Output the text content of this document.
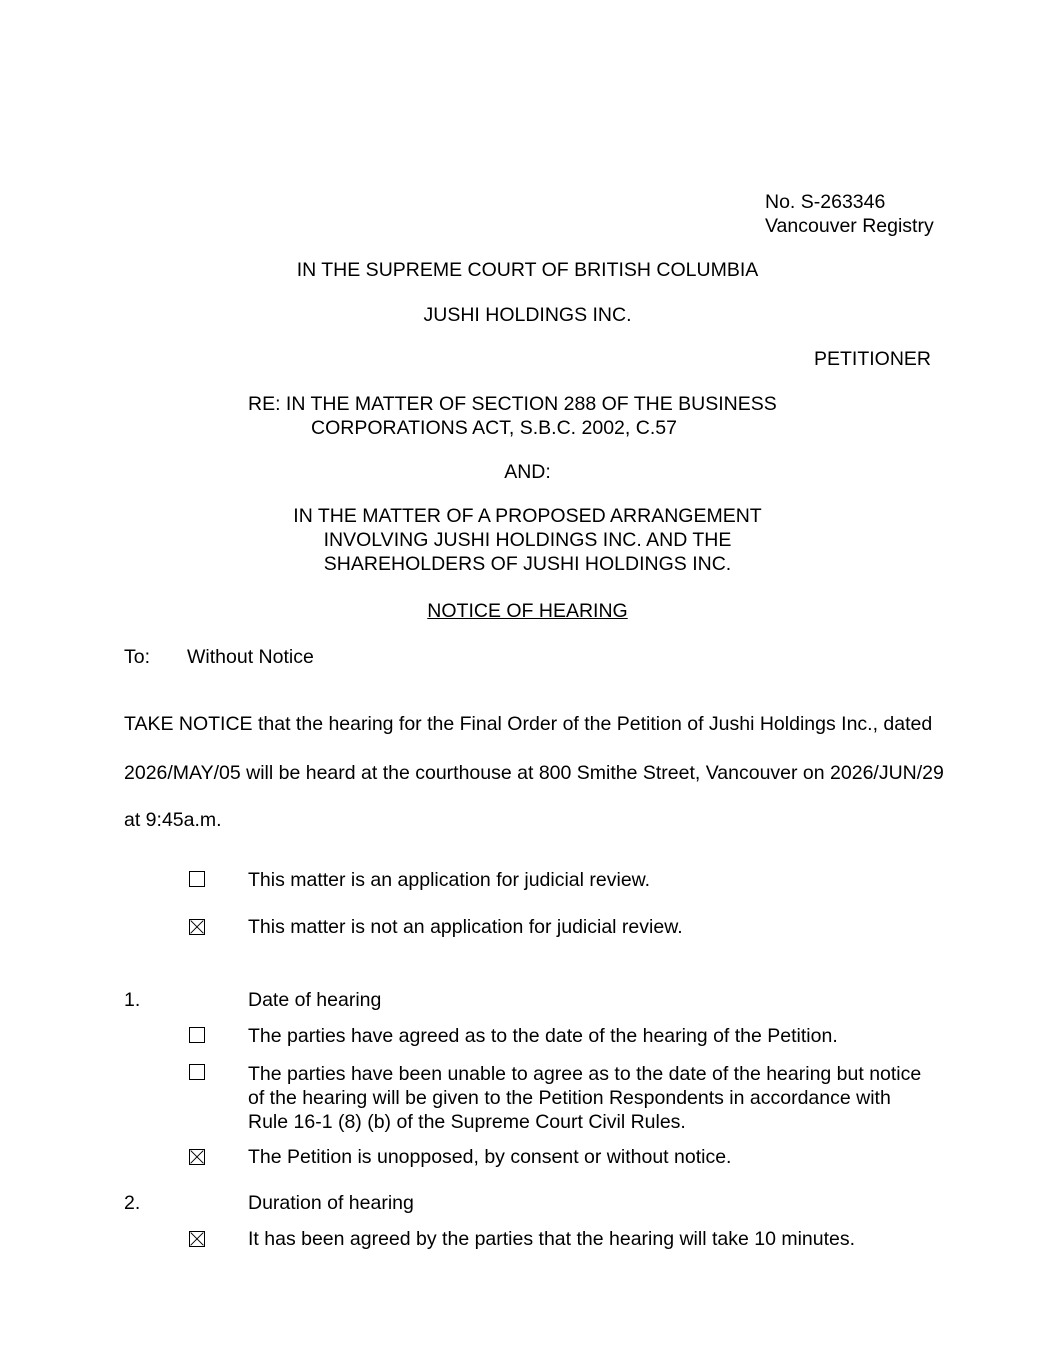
No. S-263346
Vancouver Registry
IN THE SUPREME COURT OF BRITISH COLUMBIA
JUSHI HOLDINGS INC.
PETITIONER
RE: IN THE MATTER OF SECTION 288 OF THE BUSINESS
CORPORATIONS ACT, S.B.C. 2002, C.57
AND:
IN THE MATTER OF A PROPOSED ARRANGEMENT
INVOLVING JUSHI HOLDINGS INC. AND THE
SHAREHOLDERS OF JUSHI HOLDINGS INC.
NOTICE OF HEARING
To: Without Notice
TAKE NOTICE that the hearing for the Final Order of the Petition of Jushi Holdings Inc., dated
2026/MAY/05 will be heard at the courthouse at 800 Smithe Street, Vancouver on 2026/JUN/29
at 9:45a.m.
This matter is an application for judicial review.
This matter is not an application for judicial review.
1.	Date of hearing
The parties have agreed as to the date of the hearing of the Petition.
The parties have been unable to agree as to the date of the hearing but notice of the hearing will be given to the Petition Respondents in accordance with Rule 16-1 (8) (b) of the Supreme Court Civil Rules.
The Petition is unopposed, by consent or without notice.
2.	Duration of hearing
It has been agreed by the parties that the hearing will take 10 minutes.
